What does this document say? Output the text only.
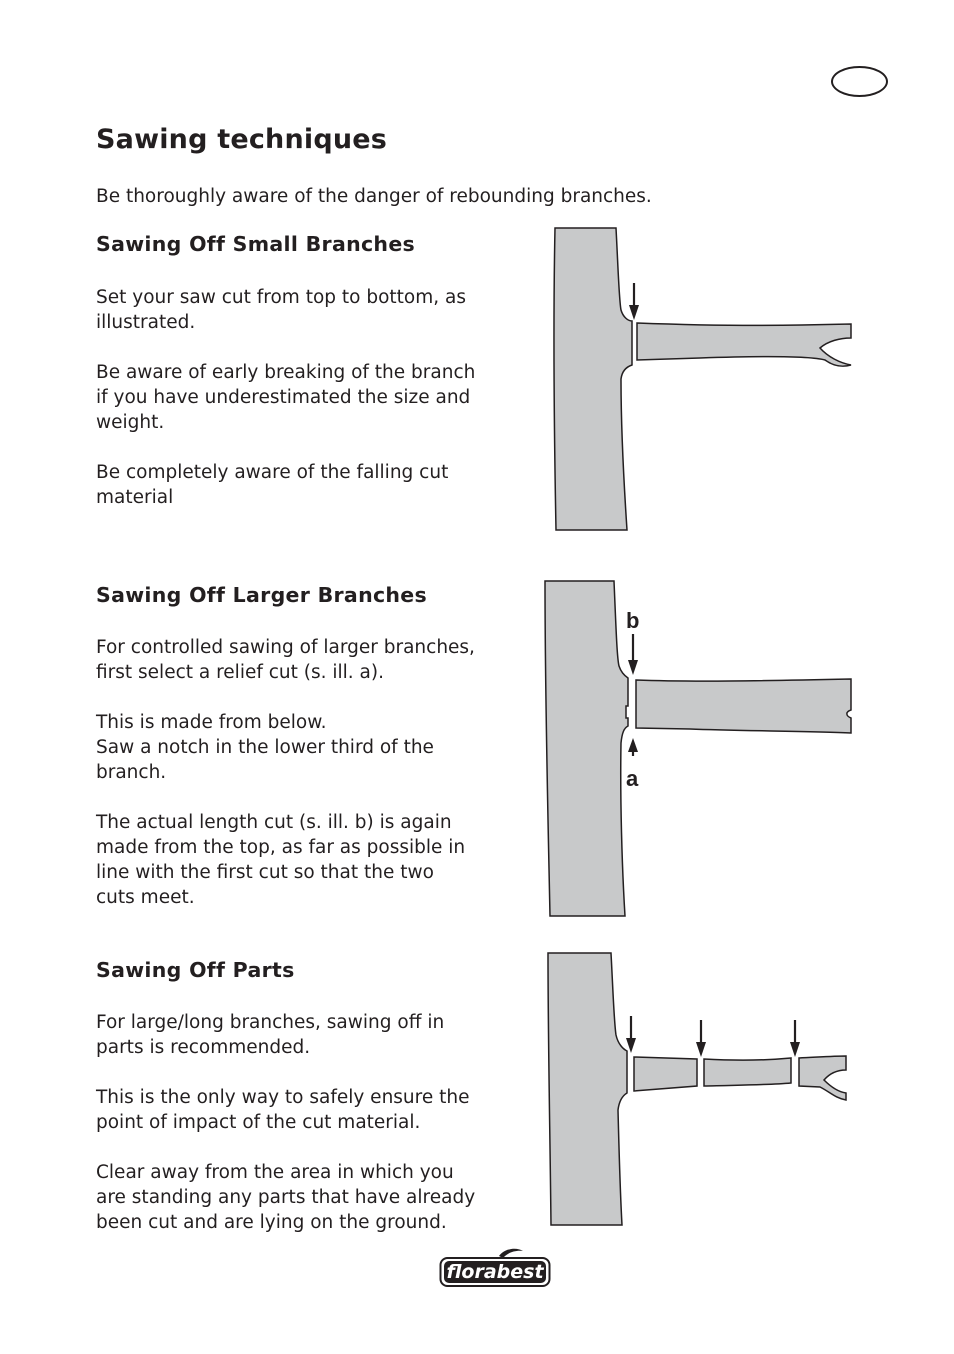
Sawing techniques

Be thoroughly aware of the danger of rebounding branches.

Sawing Off Small Branches

Set your saw cut from top to bottom, as illustrated.

Be aware of early breaking of the branch if you have underestimated the size and weight.

Be completely aware of the falling cut material

Sawing Off Larger Branches

For controlled sawing of larger branches, first select a relief cut (s. ill. a).

This is made from below.
Saw a notch in the lower third of the branch.

The actual length cut (s. ill. b) is again made from the top, as far as possible in line with the first cut so that the two cuts meet.

b
a
Sawing Off Parts

For large/long branches, sawing off in parts is recommended.

This is the only way to safely ensure the point of impact of the cut material.

Clear away from the area in which you are standing any parts that have already been cut and are lying on the ground.

florabest
